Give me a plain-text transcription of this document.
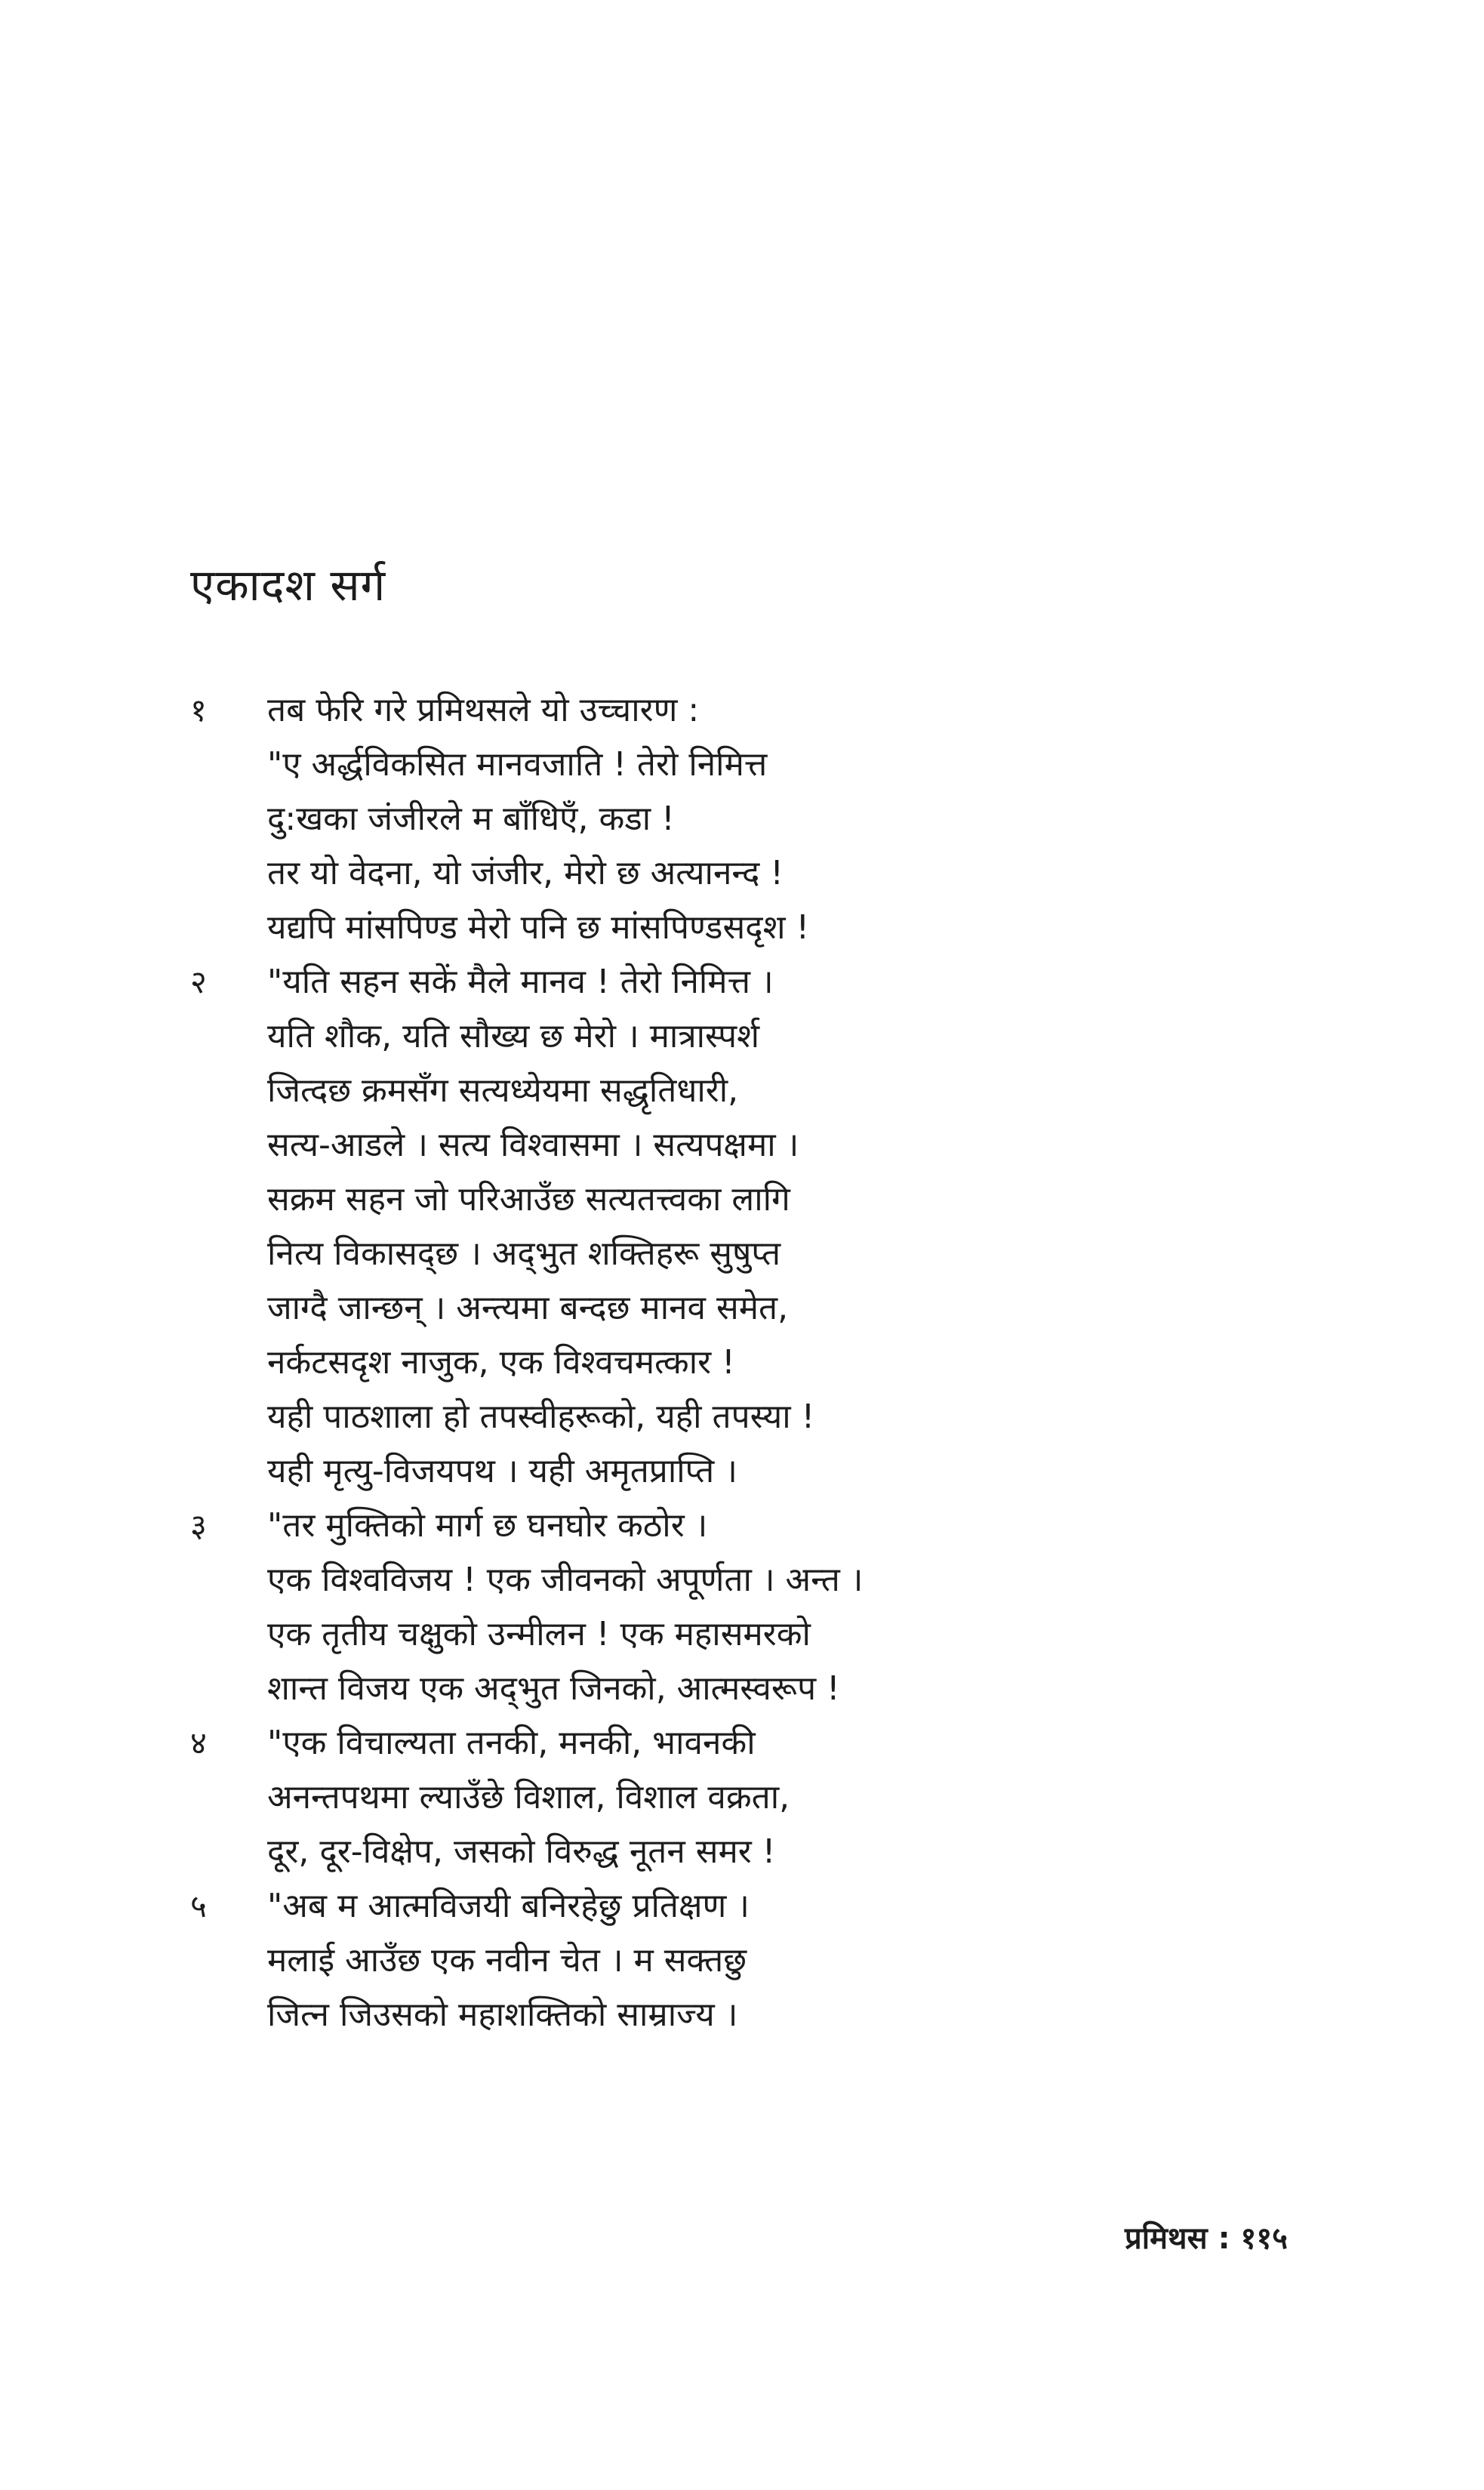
एकादश सर्ग
१	तब फेरि गरे प्रमिथसले यो उच्चारण :
"ए अर्द्धविकसित मानवजाति ! तेरो निमित्त
दु:खका जंजीरले म बाँधिएँ, कडा !
तर यो वेदना, यो जंजीर, मेरो छ अत्यानन्द !
यद्यपि मांसपिण्ड मेरो पनि छ मांसपिण्डसदृश !
२	"यति सहन सकें मैले मानव ! तेरो निमित्त ।
यति शौक, यति सौख्य छ मेरो । मात्रास्पर्श
जित्दछ क्रमसँग सत्यध्येयमा सद्धृतिधारी,
सत्य-आडले । सत्य विश्वासमा । सत्यपक्षमा ।
सक्रम सहन जो परिआउँछ सत्यतत्त्वका लागि
नित्य विकासद्छ । अद्‌भुत शक्तिहरू सुषुप्त
जाग्दै जान्छन् । अन्त्यमा बन्दछ मानव समेत,
नर्कटसदृश नाजुक, एक विश्वचमत्कार !
यही पाठशाला हो तपस्वीहरूको, यही तपस्या !
यही मृत्यु-विजयपथ । यही अमृतप्राप्ति ।
३	"तर मुक्तिको मार्ग छ घनघोर कठोर ।
एक विश्वविजय ! एक जीवनको अपूर्णता । अन्त ।
एक तृतीय चक्षुको उन्मीलन ! एक महासमरको
शान्त विजय एक अद्‌भुत जिनको, आत्मस्वरूप !
४	"एक विचाल्यता तनकी, मनकी, भावनकी
अनन्तपथमा ल्याउँछे विशाल, विशाल वक्रता,
दूर, दूर-विक्षेप, जसको विरुद्ध नूतन समर !
५	"अब म आत्मविजयी बनिरहेछु प्रतिक्षण ।
मलाई आउँछ एक नवीन चेत । म सक्तछु
जित्न जिउसको महाशक्तिको साम्राज्य ।
प्रमिथस : ११५
